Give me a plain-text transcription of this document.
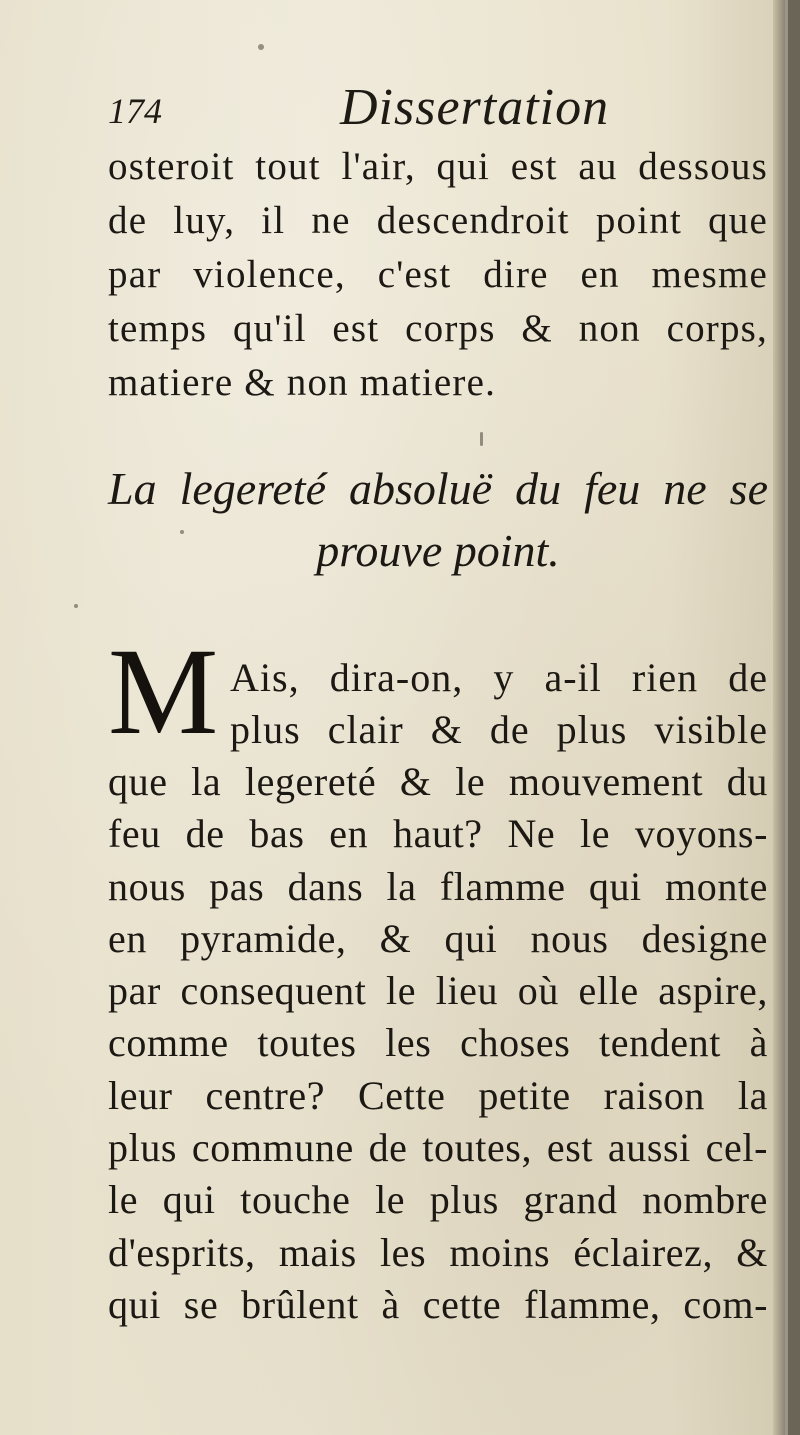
174	Dissertation
osteroit tout l'air, qui est au dessous
de luy, il ne descendroit point que
par violence, c'est dire en mesme
temps qu'il est corps & non corps,
matiere & non matiere.
La legereté absoluë du feu ne se
prouve point.
M Ais, dira-on, y a-il rien de
plus clair & de plus visible
que la legereté & le mouvement du
feu de bas en haut? Ne le voyons-
nous pas dans la flamme qui monte
en pyramide, & qui nous designe
par consequent le lieu où elle aspire,
comme toutes les choses tendent à
leur centre? Cette petite raison la
plus commune de toutes, est aussi cel-
le qui touche le plus grand nombre
d'esprits, mais les moins éclairez, &
qui se brûlent à cette flamme, com-
